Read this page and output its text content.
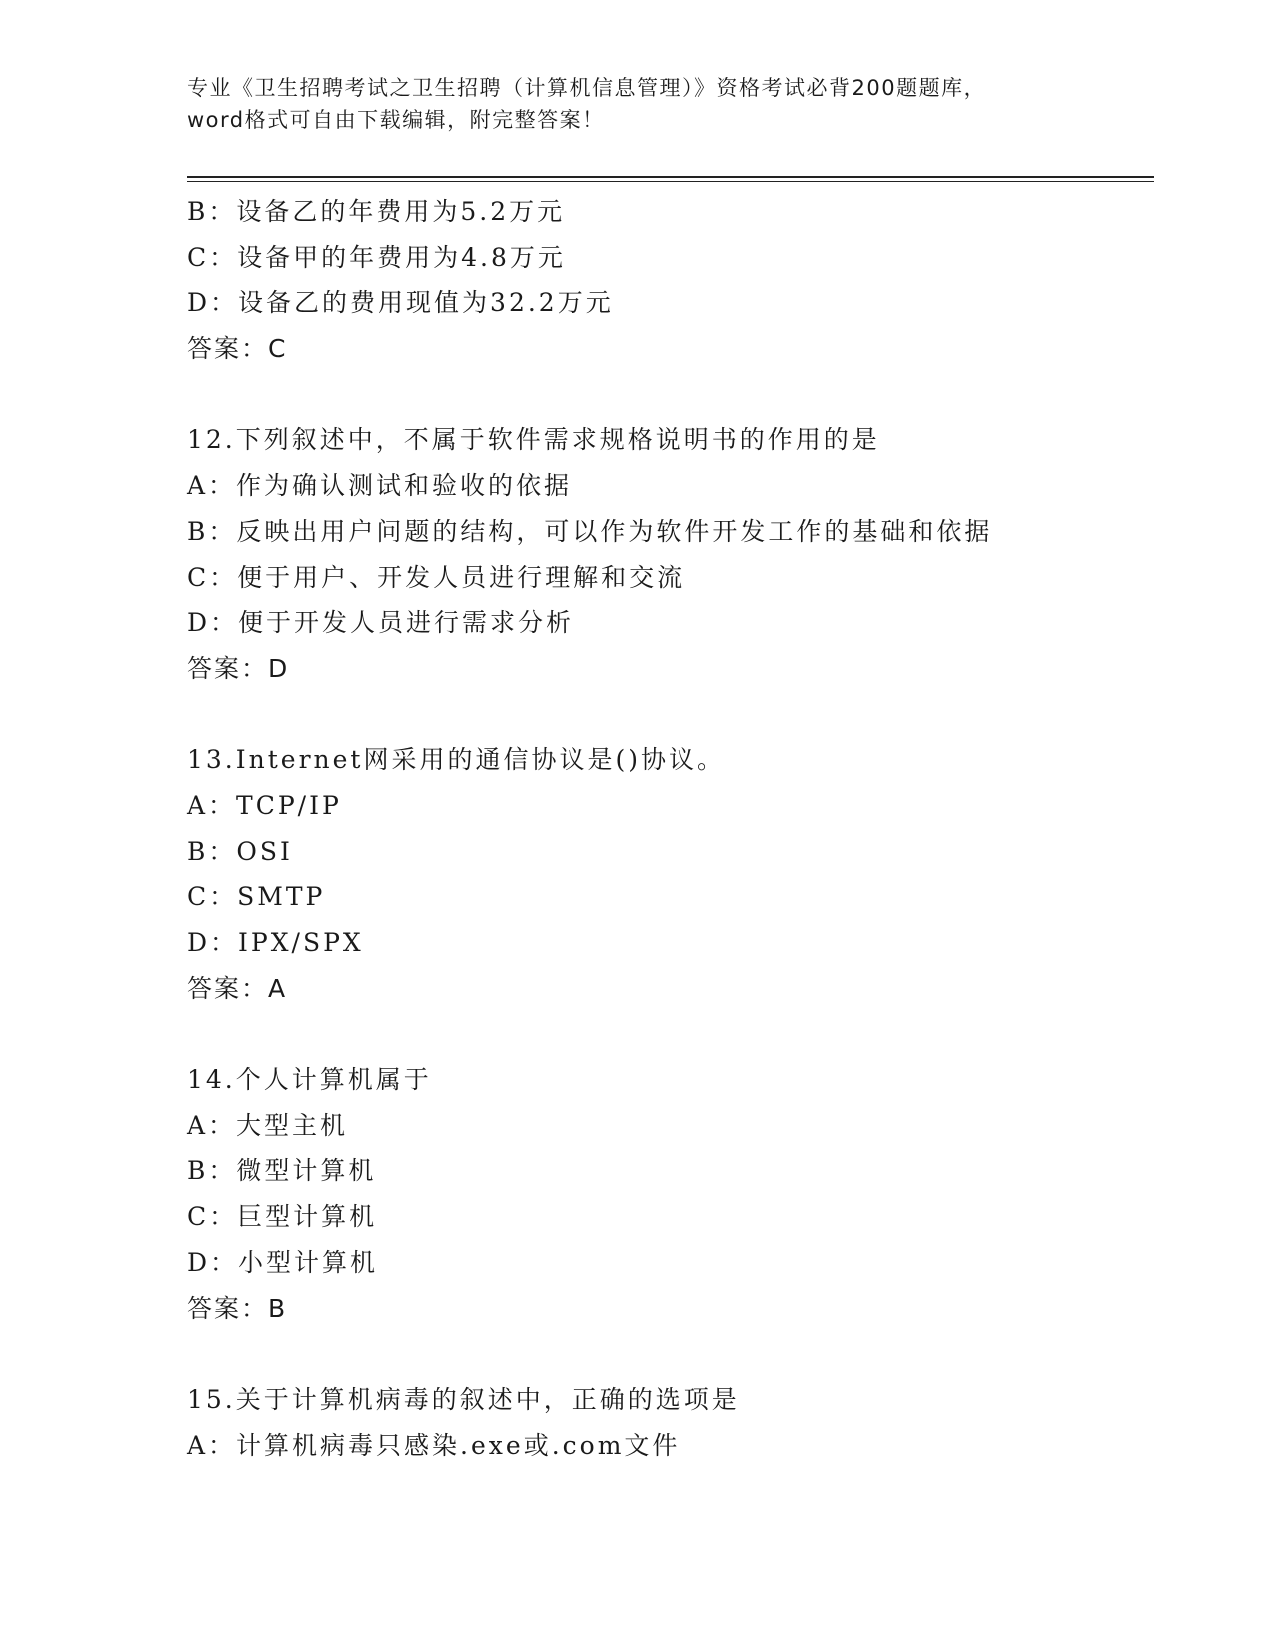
专业《卫生招聘考试之卫生招聘（计算机信息管理）》资格考试必背200题题库，
word格式可自由下载编辑，附完整答案！
B：设备乙的年费用为5.2万元
C：设备甲的年费用为4.8万元
D：设备乙的费用现值为32.2万元
答案：C
12.下列叙述中，不属于软件需求规格说明书的作用的是
A：作为确认测试和验收的依据
B：反映出用户问题的结构，可以作为软件开发工作的基础和依据
C：便于用户、开发人员进行理解和交流
D：便于开发人员进行需求分析
答案：D
13.Internet网采用的通信协议是()协议。
A：TCP/IP
B：OSI
C：SMTP
D：IPX/SPX
答案：A
14.个人计算机属于
A：大型主机
B：微型计算机
C：巨型计算机
D：小型计算机
答案：B
15.关于计算机病毒的叙述中，正确的选项是
A：计算机病毒只感染.exe或.com文件
